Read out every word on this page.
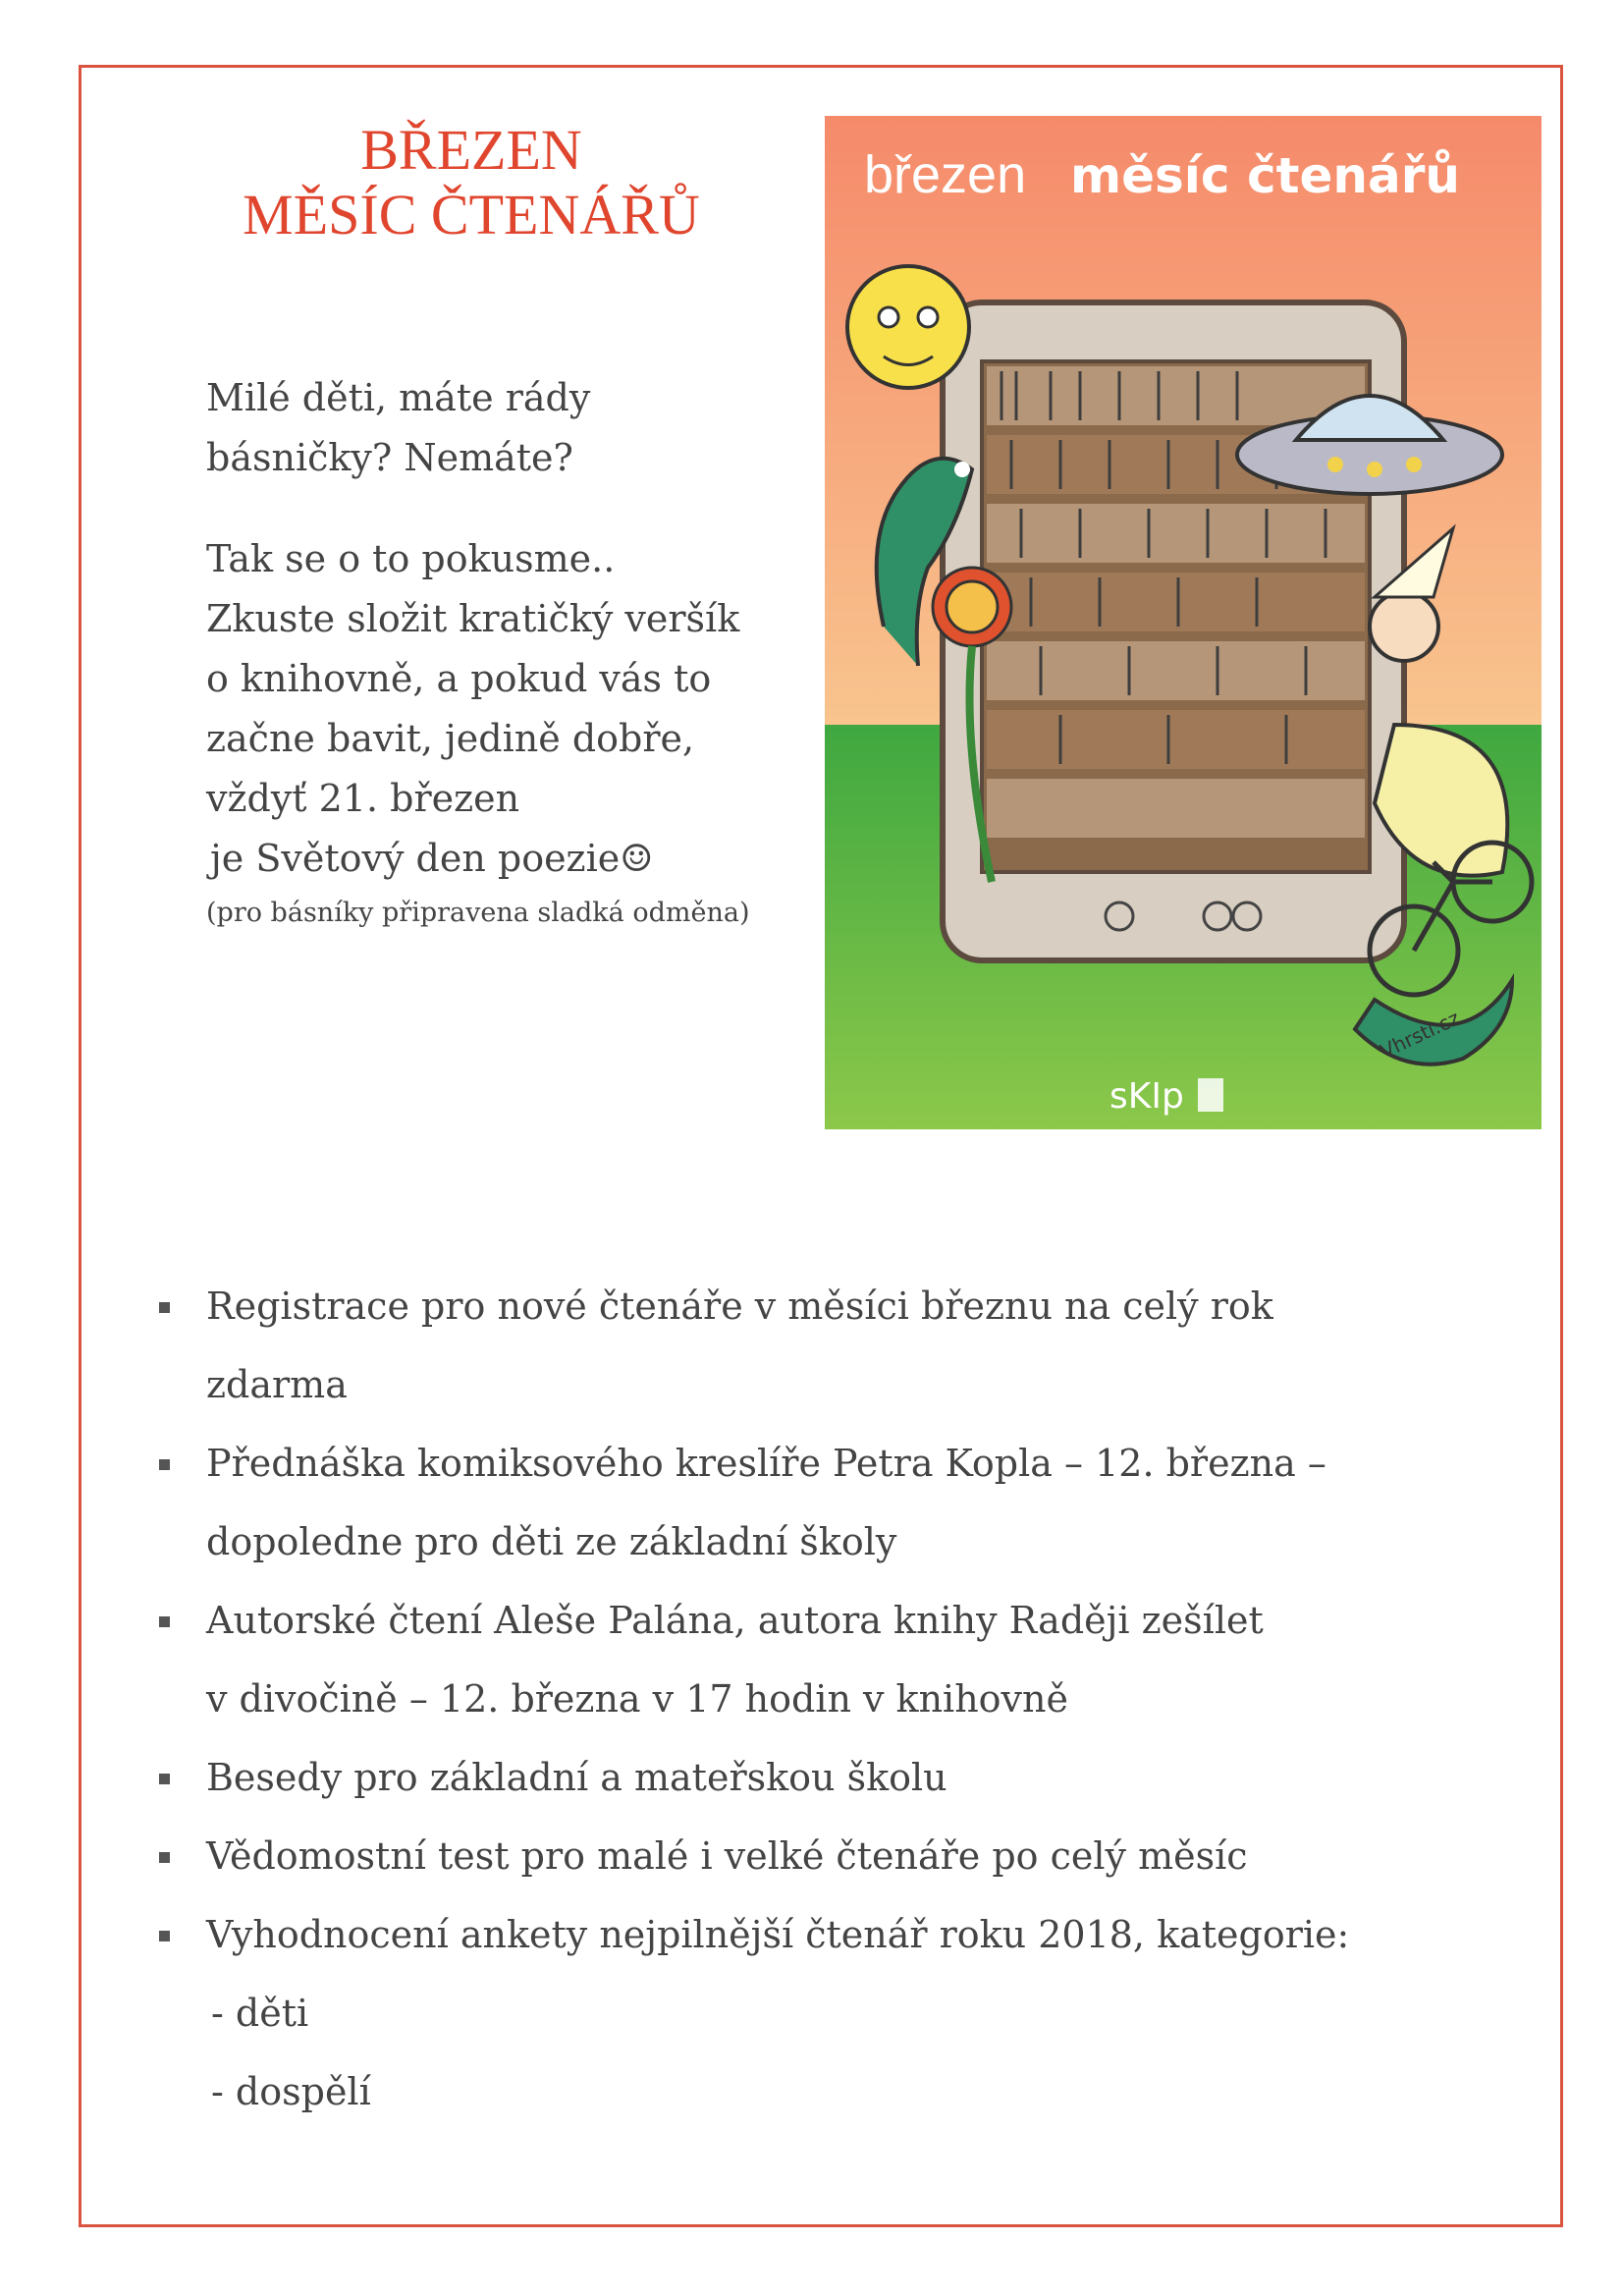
BŘEZEN
MĚSÍC ČTENÁŘŮ

Milé děti, máte rády

básničky? Nemáte?

Tak se o to pokusme..

Zkuste složit kratičký veršík

o knihovně, a pokud vás to

začne bavit, jedině dobře,

vždyť 21. březen

je Světový den poezie☺

(pro básníky připravena sladká odměna)

březen měsíc čtenářů
Vhrsti.cz
sKIp
Registrace pro nové čtenáře v měsíci březnu na celý rok
zdarma
Přednáška komiksového kreslíře Petra Kopla – 12. března –
dopoledne pro děti ze základní školy
Autorské čtení Aleše Palána, autora knihy Raději zešílet
v divočině – 12. března v 17 hodin v knihovně
Besedy pro základní a mateřskou školu
Vědomostní test pro malé i velké čtenáře po celý měsíc
Vyhodnocení ankety nejpilnější čtenář roku 2018, kategorie:
- děti
- dospělí
